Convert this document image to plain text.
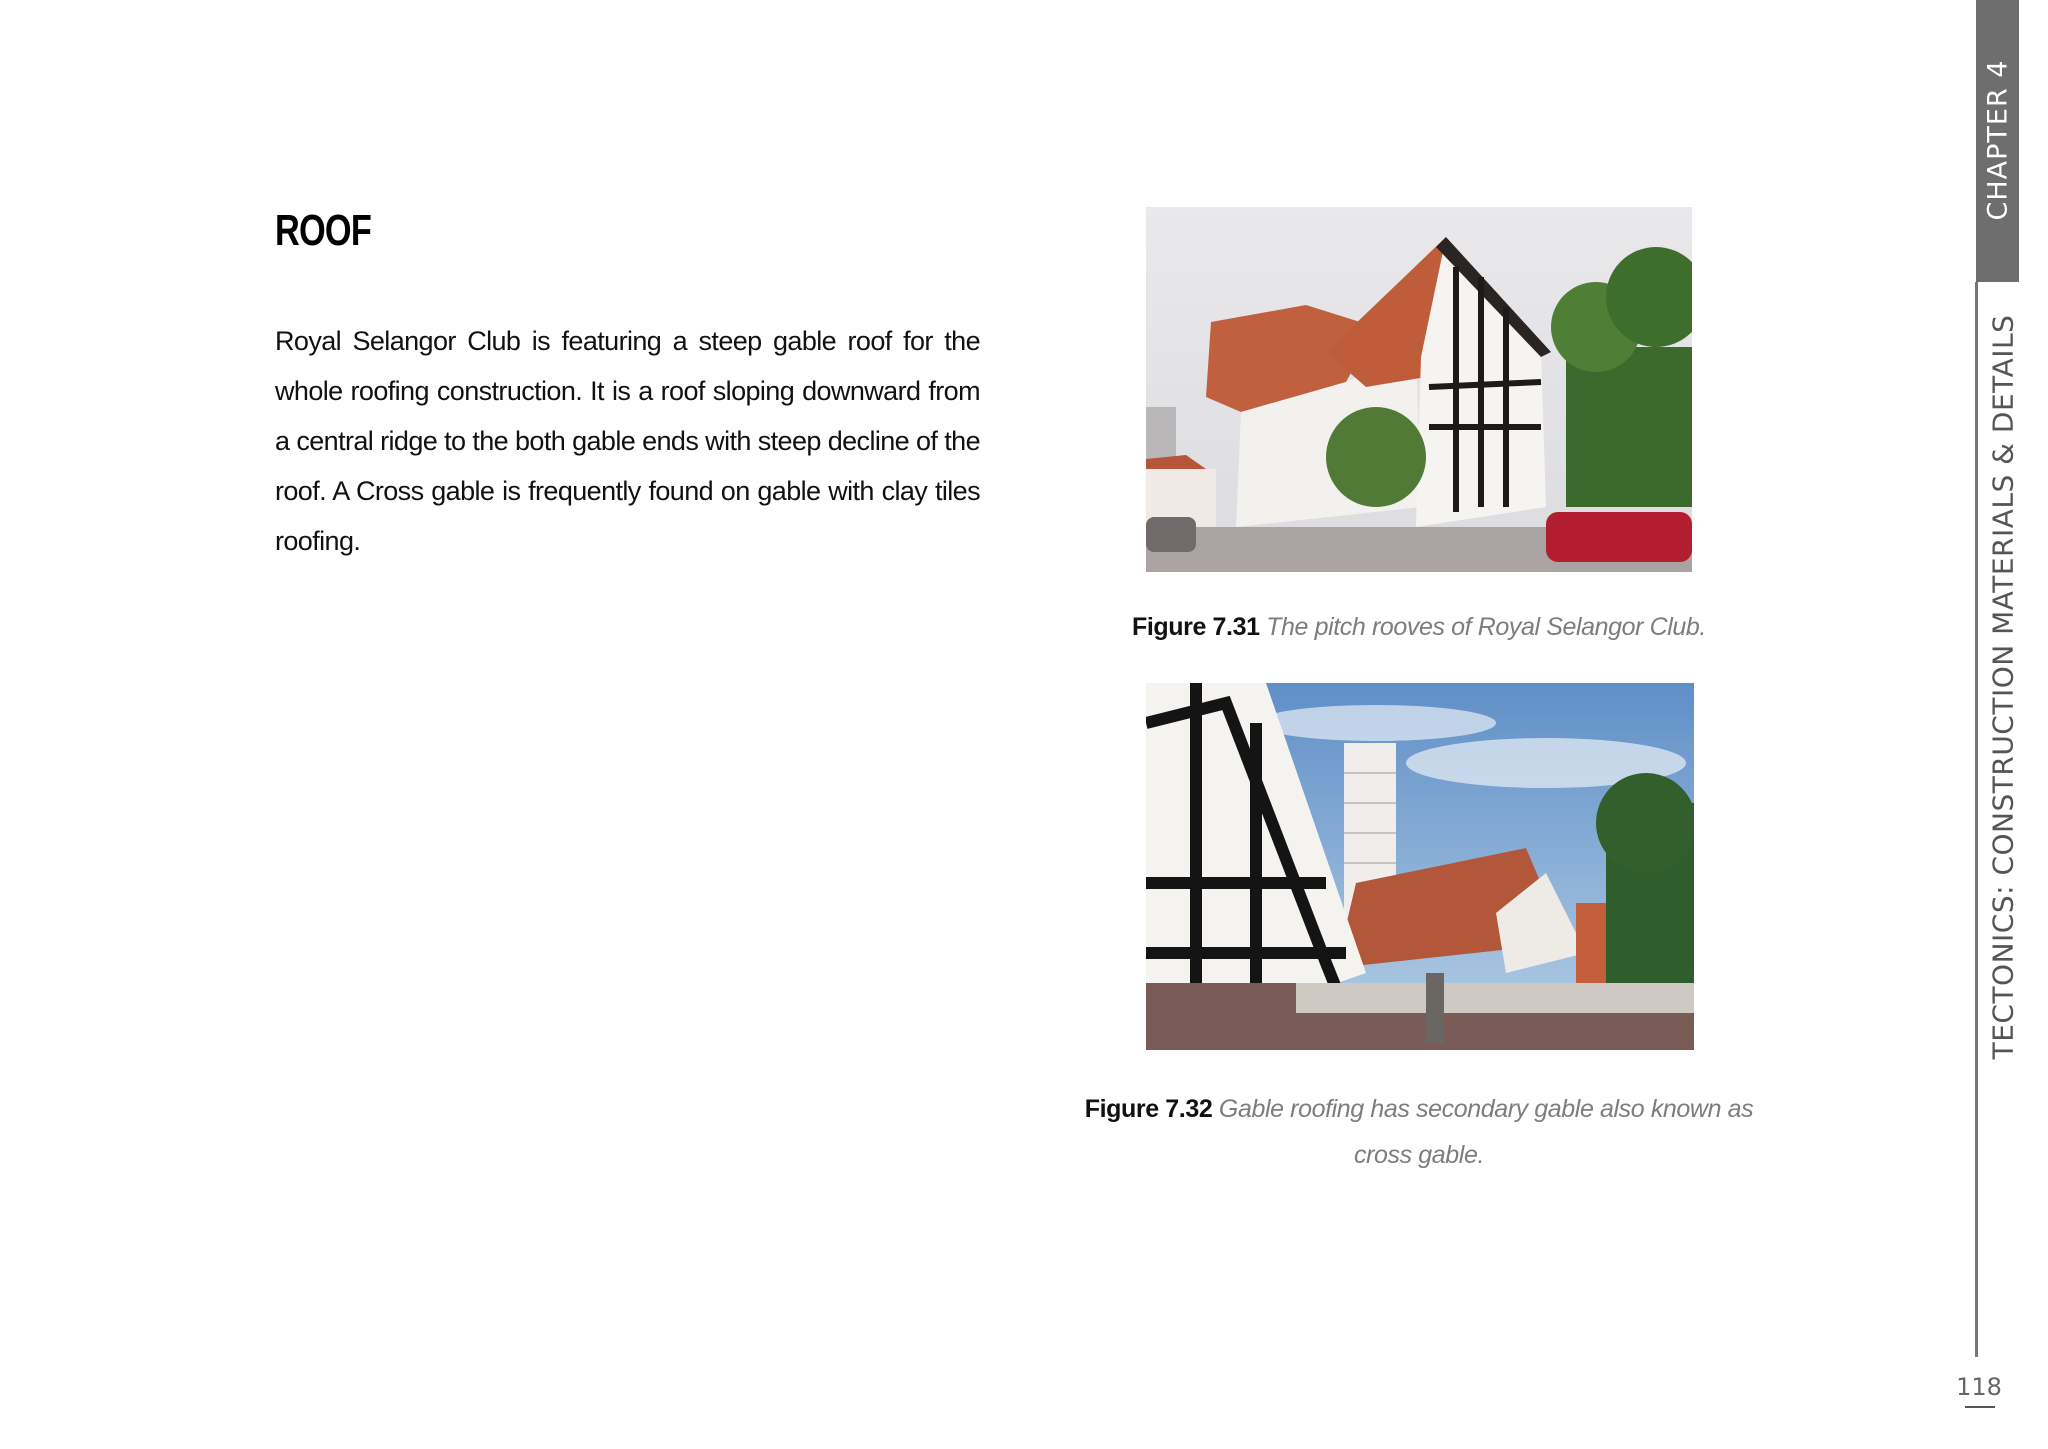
ROOF

Royal Selangor Club is featuring a steep gable roof for the whole roofing construction. It is a roof sloping downward from a central ridge to the both gable ends with steep decline of the roof. A Cross gable is frequently found on gable with clay tiles roofing.

Figure 7.31 The pitch rooves of Royal Selangor Club.

Figure 7.32 Gable roofing has secondary gable also known as cross gable.

CHAPTER 4
TECTONICS: CONSTRUCTION MATERIALS & DETAILS
118
